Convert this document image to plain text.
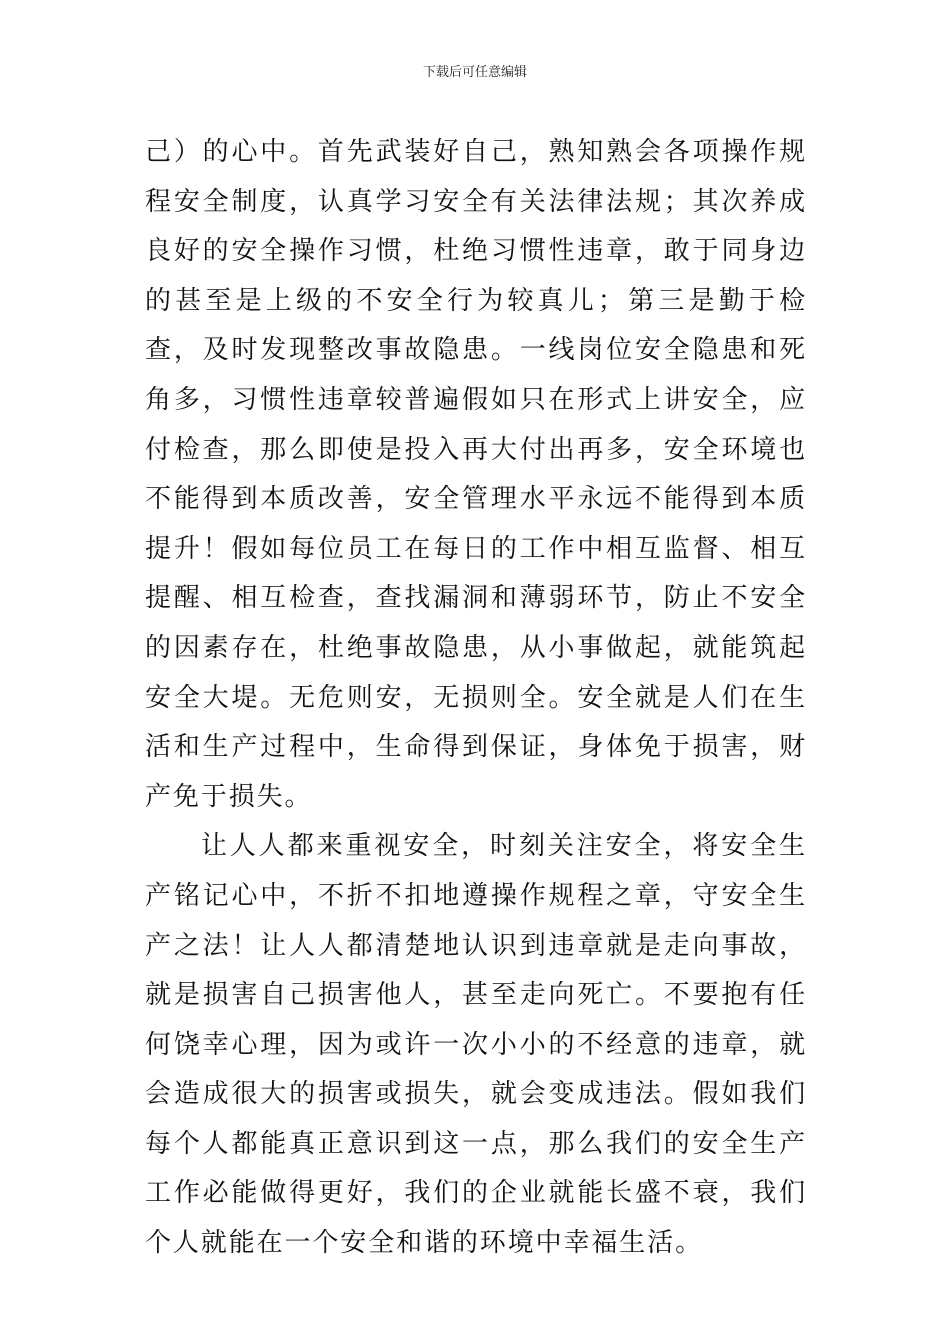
下载后可任意编辑

己）的心中。首先武装好自己，熟知熟会各项操作规程安全制度，认真学习安全有关法律法规；其次养成良好的安全操作习惯，杜绝习惯性违章，敢于同身边的甚至是上级的不安全行为较真儿；第三是勤于检查，及时发现整改事故隐患。一线岗位安全隐患和死角多，习惯性违章较普遍假如只在形式上讲安全，应付检查，那么即使是投入再大付出再多，安全环境也不能得到本质改善，安全管理水平永远不能得到本质提升！假如每位员工在每日的工作中相互监督、相互提醒、相互检查，查找漏洞和薄弱环节，防止不安全的因素存在，杜绝事故隐患，从小事做起，就能筑起安全大堤。无危则安，无损则全。安全就是人们在生活和生产过程中，生命得到保证，身体免于损害，财产免于损失。

让人人都来重视安全，时刻关注安全，将安全生产铭记心中，不折不扣地遵操作规程之章，守安全生产之法！让人人都清楚地认识到违章就是走向事故，就是损害自己损害他人，甚至走向死亡。不要抱有任何饶幸心理，因为或许一次小小的不经意的违章，就会造成很大的损害或损失，就会变成违法。假如我们每个人都能真正意识到这一点，那么我们的安全生产工作必能做得更好，我们的企业就能长盛不衰，我们个人就能在一个安全和谐的环境中幸福生活。
